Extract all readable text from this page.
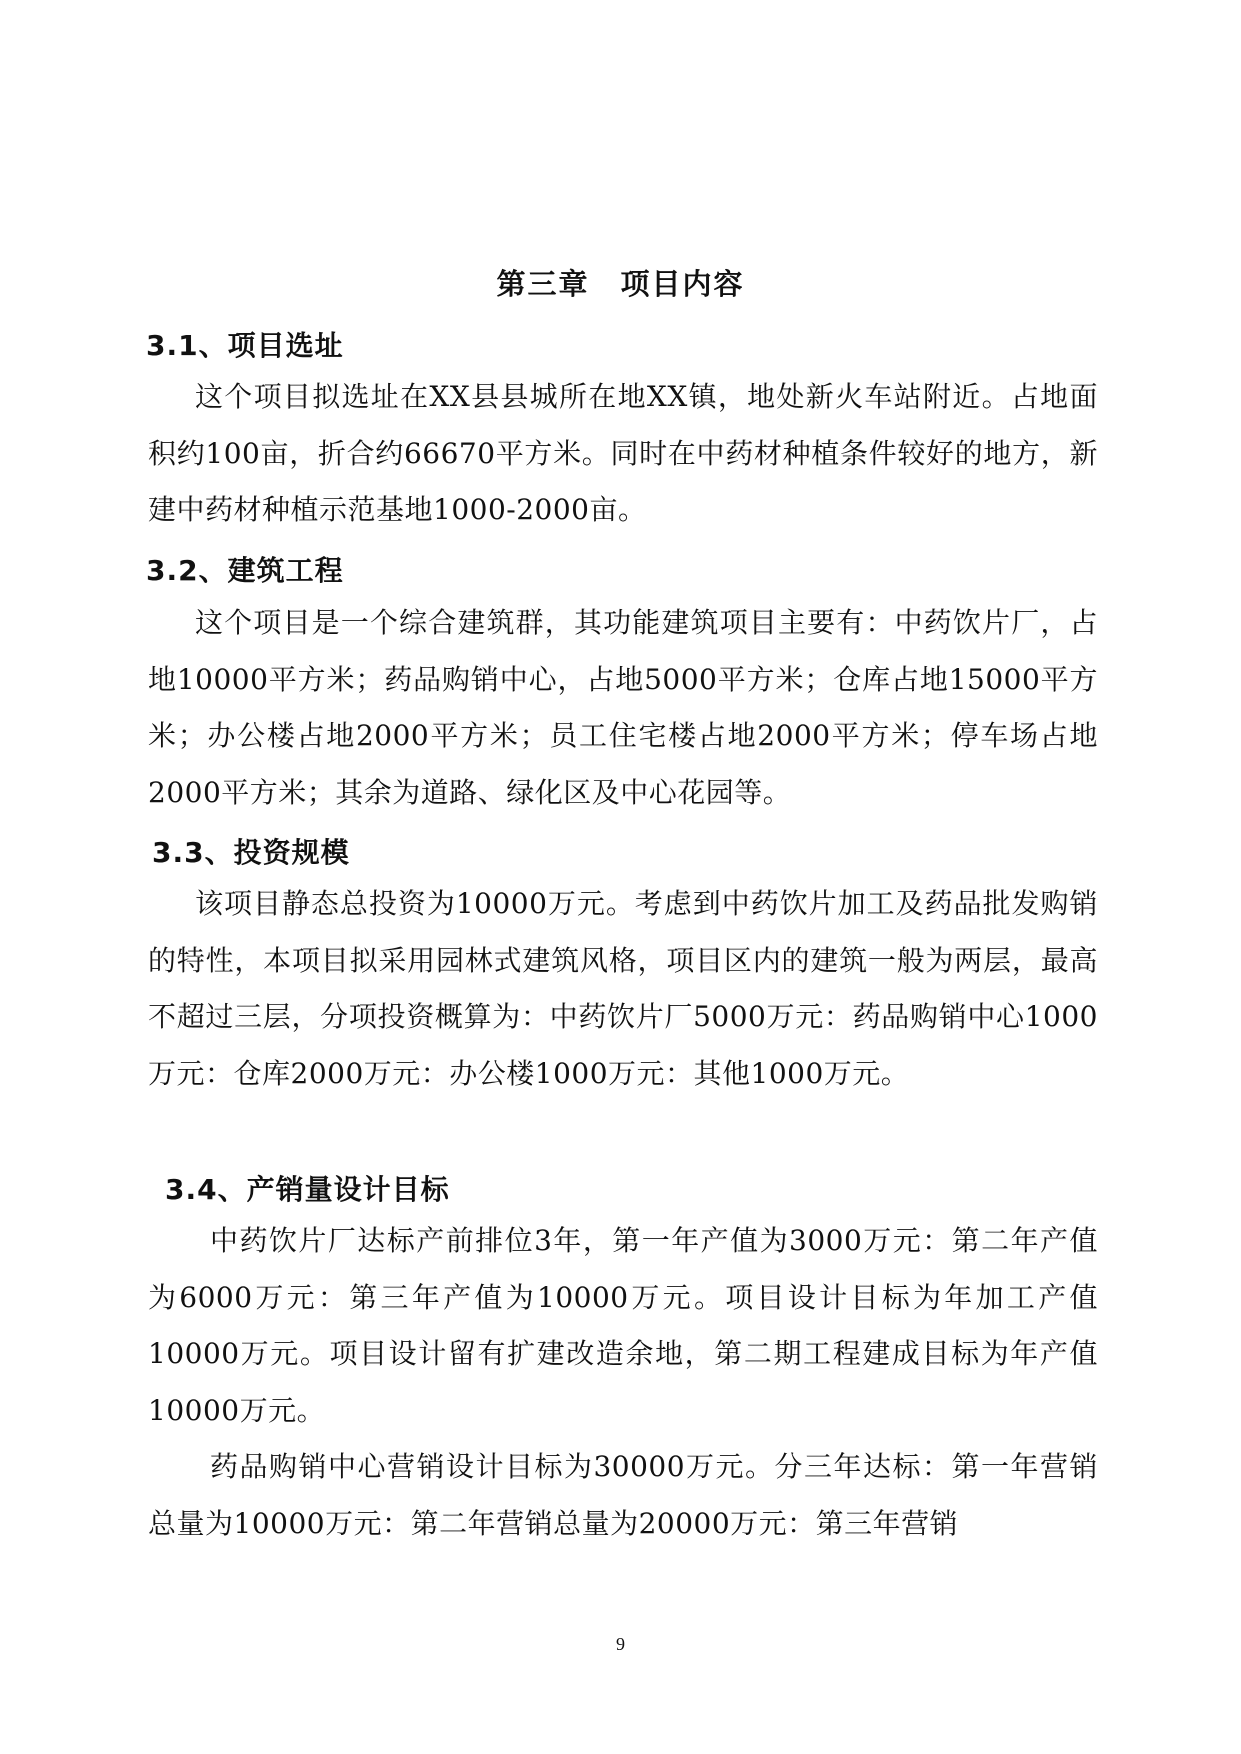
第三章　项目内容
3.1、项目选址

这个项目拟选址在XX县县城所在地XX镇，地处新火车站附近。占地面积约100亩，折合约66670平方米。同时在中药材种植条件较好的地方，新建中药材种植示范基地1000-2000亩。

3.2、建筑工程

这个项目是一个综合建筑群，其功能建筑项目主要有：中药饮片厂，占地10000平方米；药品购销中心，占地5000平方米；仓库占地15000平方米；办公楼占地2000平方米；员工住宅楼占地2000平方米；停车场占地2000平方米；其余为道路、绿化区及中心花园等。

3.3、投资规模

该项目静态总投资为10000万元。考虑到中药饮片加工及药品批发购销的特性，本项目拟采用园林式建筑风格，项目区内的建筑一般为两层，最高不超过三层，分项投资概算为：中药饮片厂5000万元：药品购销中心1000万元：仓库2000万元：办公楼1000万元：其他1000万元。

3.4、产销量设计目标

中药饮片厂达标产前排位3年，第一年产值为3000万元：第二年产值为6000万元：第三年产值为10000万元。项目设计目标为年加工产值10000万元。项目设计留有扩建改造余地，第二期工程建成目标为年产值10000万元。

药品购销中心营销设计目标为30000万元。分三年达标：第一年营销总量为10000万元：第二年营销总量为20000万元：第三年营销

9
